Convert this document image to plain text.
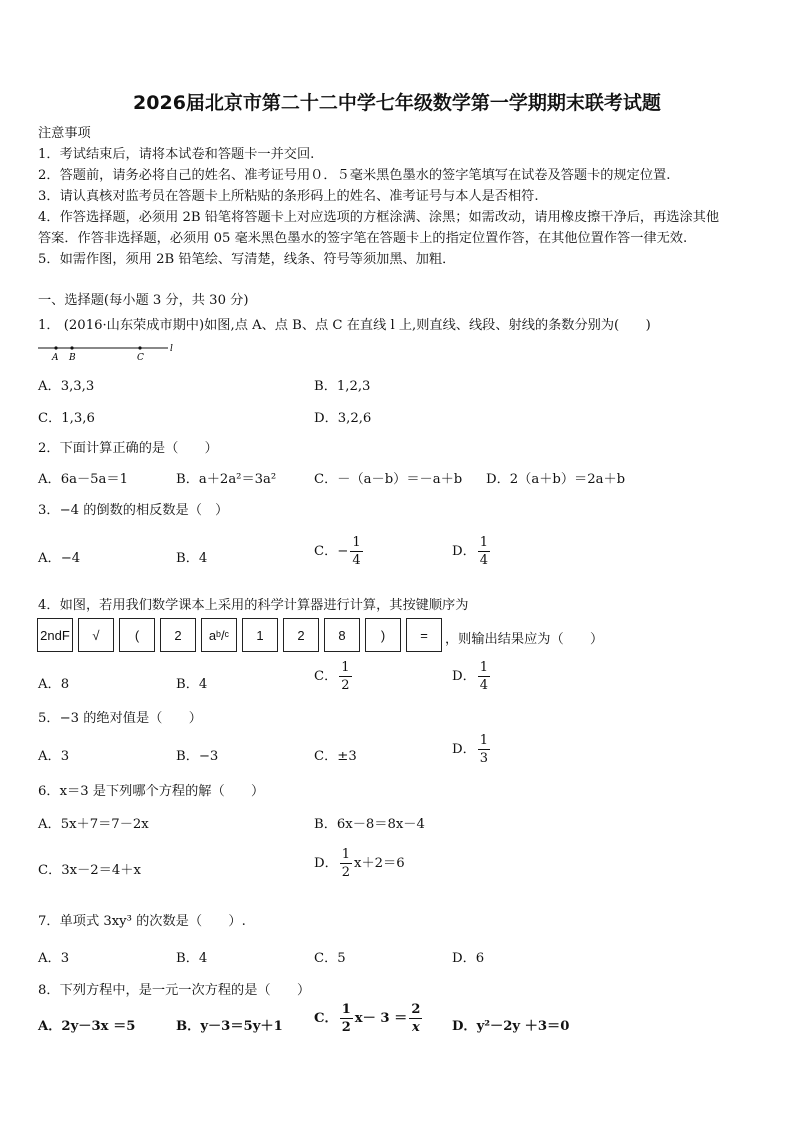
2026届北京市第二十二中学七年级数学第一学期期末联考试题
注意事项
1．考试结束后，请将本试卷和答题卡一并交回.
2．答题前，请务必将自己的姓名、准考证号用０．５毫米黑色墨水的签字笔填写在试卷及答题卡的规定位置.
3．请认真核对监考员在答题卡上所粘贴的条形码上的姓名、准考证号与本人是否相符.
4．作答选择题，必须用 2B 铅笔将答题卡上对应选项的方框涂满、涂黑；如需改动，请用橡皮擦干净后，再选涂其他
答案．作答非选择题，必须用 05 毫米黑色墨水的签字笔在答题卡上的指定位置作答，在其他位置作答一律无效.
5．如需作图，须用 2B 铅笔绘、写清楚，线条、符号等须加黑、加粗．
一、选择题(每小题 3 分，共 30 分)
1． (2016·山东荣成市期中)如图,点 A、点 B、点 C 在直线 l 上,则直线、线段、射线的条数分别为(　　)
A B	C
l
A．3,3,3	B．1,2,3
C．1,3,6	D．3,2,6
2．下面计算正确的是（　　）
A．6a－5a＝1	B．a＋2a²＝3a²	C．－（a－b）＝－a＋b D．2（a＋b）＝2a＋b
3．−4 的倒数的相反数是（　）
A．−4	B．4	C．− $\frac{1}{4}$	D． $\frac{1}{4}$
4．如图，若用我们数学课本上采用的科学计算器进行计算，其按键顺序为
2ndF	√	(	2	aᵇ/ᶜ	1	2	8	)	=	，则输出结果应为（　　）
A．8	B．4
C． $\frac{1}{2}$	D． $\frac{1}{4}$
5．−3 的绝对值是（　　）
A．3	B．−3	C．±3	D． $\frac{1}{3}$
6．x＝3 是下列哪个方程的解（　　）
A．5x＋7＝7－2x	B．6x－8＝8x－4
C．3x－2＝4＋x	D． $\frac{1}{2} x+2=6$
7．单项式 3xy³ 的次数是（　　）.
A．3	B．4	C．5	D．6
8．下列方程中，是一元一次方程的是（　　）
A．2y－3x ＝5	B．y－3＝5y＋1
C． $\frac{1}{2} x- 3 = \frac{2}{x}$ D．y²－2y ＋3＝0
